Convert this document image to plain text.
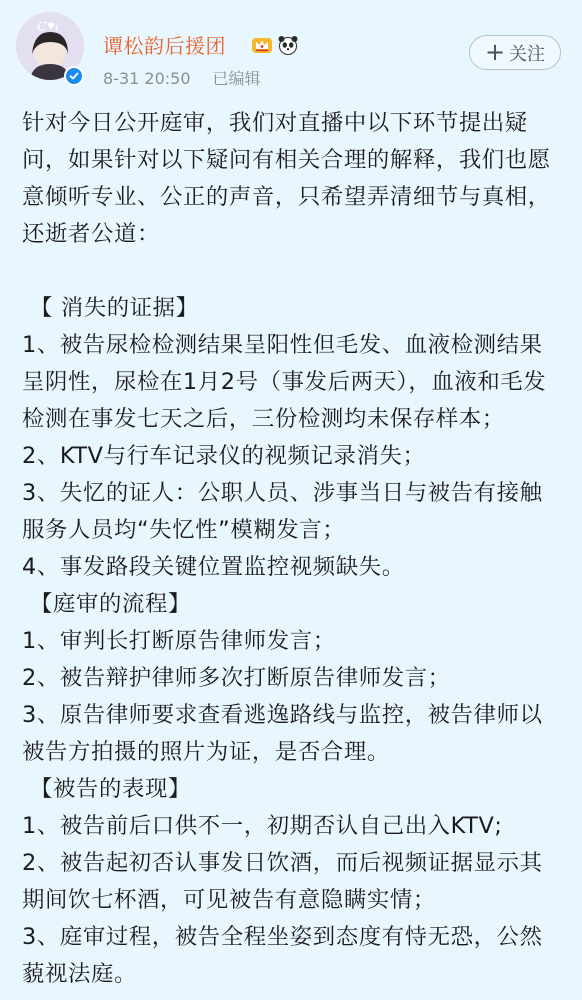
C ♥ i
谭松韵后援团
8-31 20:50 已编辑
+ 关注

针对今日公开庭审，我们对直播中以下环节提出疑问，如果针对以下疑问有相关合理的解释，我们也愿意倾听专业、公正的声音，只希望弄清细节与真相，还逝者公道：

【 消失的证据】

1、被告尿检检测结果呈阳性但毛发、血液检测结果呈阴性，尿检在1月2号（事发后两天），血液和毛发检测在事发七天之后，三份检测均未保存样本；

2、KTV与行车记录仪的视频记录消失；

3、失忆的证人：公职人员、涉事当日与被告有接触服务人员均“失忆性”模糊发言；

4、事发路段关键位置监控视频缺失。

【庭审的流程】

1、审判长打断原告律师发言；

2、被告辩护律师多次打断原告律师发言；

3、原告律师要求查看逃逸路线与监控，被告律师以被告方拍摄的照片为证，是否合理。

【被告的表现】

1、被告前后口供不一，初期否认自己出入KTV;

2、被告起初否认事发日饮酒，而后视频证据显示其期间饮七杯酒，可见被告有意隐瞒实情；

3、庭审过程，被告全程坐姿到态度有恃无恐，公然藐视法庭。
